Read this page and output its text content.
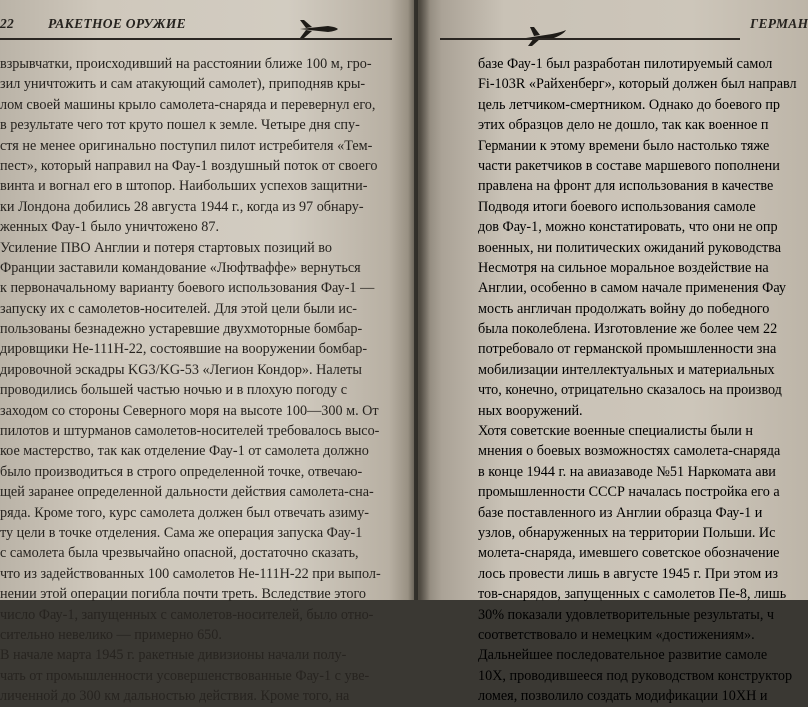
22	РАКЕТНОЕ ОРУЖИЕ
взрывчатки, происходивший на расстоянии ближе 100 м, гро-
зил уничтожить и сам атакующий самолет), приподняв кры-
лом своей машины крыло самолета-снаряда и перевернул его,
в результате чего тот круто пошел к земле. Четыре дня спу-
стя не менее оригинально поступил пилот истребителя «Тем-
пест», который направил на Фау-1 воздушный поток от своего
винта и вогнал его в штопор. Наибольших успехов защитни-
ки Лондона добились 28 августа 1944 г., когда из 97 обнару-
женных Фау-1 было уничтожено 87.
Усиление ПВО Англии и потеря стартовых позиций во
Франции заставили командование «Люфтваффе» вернуться
к первоначальному варианту боевого использования Фау-1 —
запуску их с самолетов-носителей. Для этой цели были ис-
пользованы безнадежно устаревшие двухмоторные бомбар-
дировщики Не-111Н-22, состоявшие на вооружении бомбар-
дировочной эскадры KG3/KG-53 «Легион Кондор». Налеты
проводились большей частью ночью и в плохую погоду с
заходом со стороны Северного моря на высоте 100—300 м. От
пилотов и штурманов самолетов-носителей требовалось высо-
кое мастерство, так как отделение Фау-1 от самолета должно
было производиться в строго определенной точке, отвечаю-
щей заранее определенной дальности действия самолета-сна-
ряда. Кроме того, курс самолета должен был отвечать азиму-
ту цели в точке отделения. Сама же операция запуска Фау-1
с самолета была чрезвычайно опасной, достаточно сказать,
что из задействованных 100 самолетов Не-111Н-22 при выпол-
нении этой операции погибла почти треть. Вследствие этого
число Фау-1, запущенных с самолетов-носителей, было отно-
сительно невелико — примерно 650.
В начале марта 1945 г. ракетные дивизионы начали полу-
чать от промышленности усовершенствованные Фау-1 с уве-
личенной до 300 км дальностью действия. Кроме того, на
ГЕРМАН
базе Фау-1 был разработан пилотируемый самол
Fi-103R «Райхенберг», который должен был направл
цель летчиком-смертником. Однако до боевого пр
этих образцов дело не дошло, так как военное п
Германии к этому времени было настолько тяже
части ракетчиков в составе маршевого пополнени
правлена на фронт для использования в качестве
Подводя итоги боевого использования самоле
дов Фау-1, можно констатировать, что они не опр
военных, ни политических ожиданий руководства
Несмотря на сильное моральное воздействие на
Англии, особенно в самом начале применения Фау
мость англичан продолжать войну до победного
была поколеблена. Изготовление же более чем 22
потребовало от германской промышленности зна
мобилизации интеллектуальных и материальных
что, конечно, отрицательно сказалось на производ
ных вооружений.
Хотя советские военные специалисты были н
мнения о боевых возможностях самолета-снаряда
в конце 1944 г. на авиазаводе №51 Наркомата ави
промышленности СССР началась постройка его а
базе поставленного из Англии образца Фау-1 и
узлов, обнаруженных на территории Польши. Ис
молета-снаряда, имевшего советское обозначение
лось провести лишь в августе 1945 г. При этом из
тов-снарядов, запущенных с самолетов Пе-8, лишь
30% показали удовлетворительные результаты, ч
соответствовало и немецким «достижениям».
Дальнейшее последовательное развитие самоле
10Х, проводившееся под руководством конструктор
ломея, позволило создать модификации 10ХН и
